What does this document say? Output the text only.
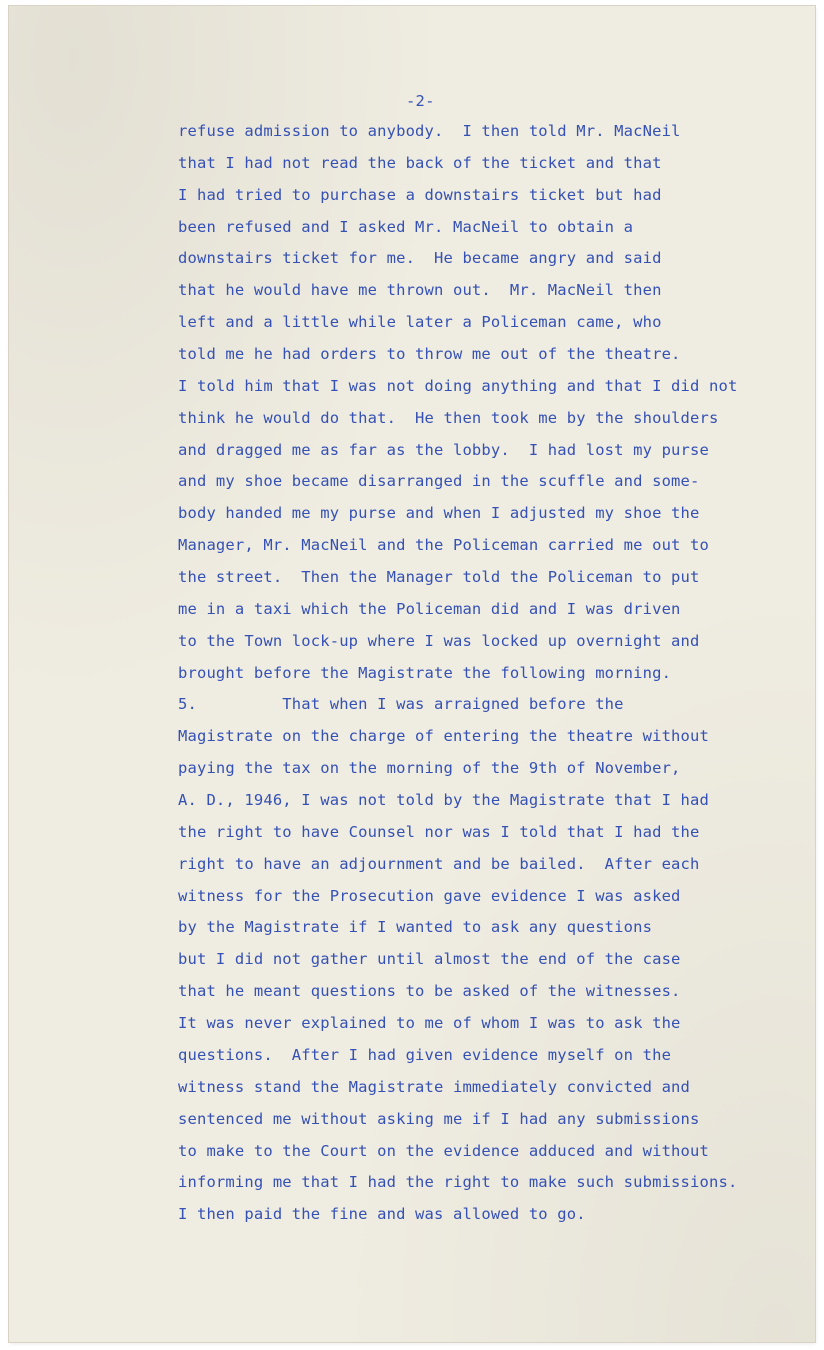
-2-
refuse admission to anybody.  I then told Mr. MacNeil
that I had not read the back of the ticket and that
I had tried to purchase a downstairs ticket but had
been refused and I asked Mr. MacNeil to obtain a
downstairs ticket for me.  He became angry and said
that he would have me thrown out.  Mr. MacNeil then
left and a little while later a Policeman came, who
told me he had orders to throw me out of the theatre.
I told him that I was not doing anything and that I did not
think he would do that.  He then took me by the shoulders
and dragged me as far as the lobby.  I had lost my purse
and my shoe became disarranged in the scuffle and some-
body handed me my purse and when I adjusted my shoe the
Manager, Mr. MacNeil and the Policeman carried me out to
the street.  Then the Manager told the Policeman to put
me in a taxi which the Policeman did and I was driven
to the Town lock-up where I was locked up overnight and
brought before the Magistrate the following morning.
5.         That when I was arraigned before the
Magistrate on the charge of entering the theatre without
paying the tax on the morning of the 9th of November,
A. D., 1946, I was not told by the Magistrate that I had
the right to have Counsel nor was I told that I had the
right to have an adjournment and be bailed.  After each
witness for the Prosecution gave evidence I was asked
by the Magistrate if I wanted to ask any questions
but I did not gather until almost the end of the case
that he meant questions to be asked of the witnesses.
It was never explained to me of whom I was to ask the
questions.  After I had given evidence myself on the
witness stand the Magistrate immediately convicted and
sentenced me without asking me if I had any submissions
to make to the Court on the evidence adduced and without
informing me that I had the right to make such submissions.
I then paid the fine and was allowed to go.
